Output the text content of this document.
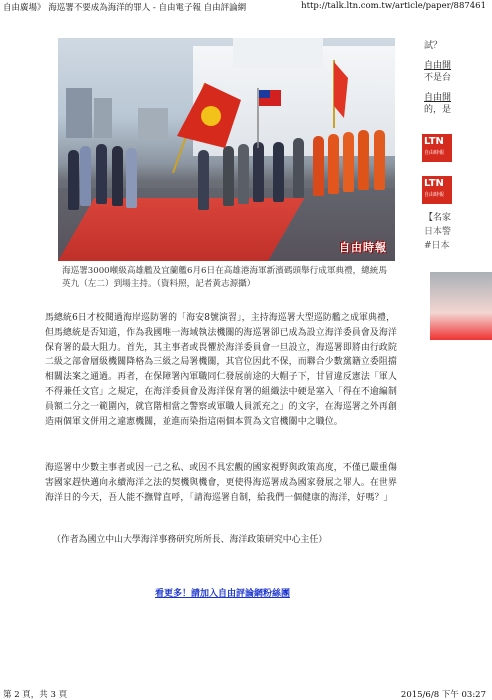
自由廣場》 海巡署不要成為海洋的罪人 - 自由電子報 自由評論網	http://talk.ltn.com.tw/article/paper/887461
自由時報
海巡署3000噸級高雄艦及宜蘭艦6月6日在高雄港海軍新濱碼頭舉行成軍典禮，總統馬英九（左二）到場主持。（資料照，記者黃志源攝）

馬總統6日才校閱過海岸巡防署的「海安8號演習」，主持海巡署大型巡防艦之成軍典禮，但馬總統是否知道，作為我國唯一海域執法機關的海巡署卻已成為設立海洋委員會及海洋保育署的最大阻力。首先，其主事者或畏懼於海洋委員會一旦設立，海巡署即將由行政院二級之部會層級機關降格為三級之局署機關，其官位因此不保，而聯合少數黨籍立委阻擋相關法案之通過。再者，在保障署內軍職同仁發展前途的大帽子下，甘冒違反憲法「軍人不得兼任文官」之規定，在海洋委員會及海洋保育署的組織法中硬是塞入「得在不逾編制員額二分之一範圍內，就官階相當之警察或軍職人員派充之」的文字，在海巡署之外再創造兩個軍文併用之違憲機關，並進而染指這兩個本質為文官機關中之職位。

海巡署中少數主事者或因一己之私、或因不具宏觀的國家視野與政策高度，不僅已嚴重傷害國家趕快邁向永續海洋之法的契機與機會，更使得海巡署成為國家發展之罪人。在世界海洋日的今天，吾人能不撫臂直呼，「請海巡署自制，給我們一個健康的海洋，好嗎？」

（作者為國立中山大學海洋事務研究所所長、海洋政策研究中心主任）
看更多！請加入自由評論網粉絲團
試？
自由開
不是台
自由開
的，是
LTN
自由時報
LTN
自由時報
【名家
日本警
#日本
第 2 頁，共 3 頁	2015/6/8 下午 03:27
